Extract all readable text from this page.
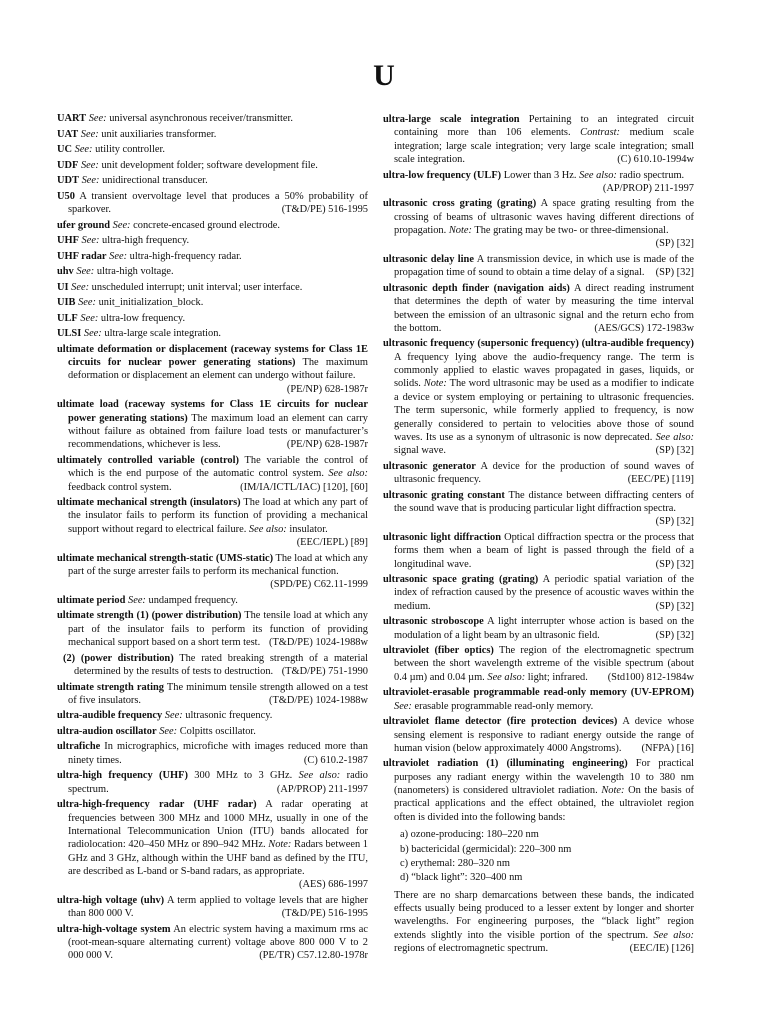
U

UART See: universal asynchronous receiver/transmitter.

UAT See: unit auxiliaries transformer.

UC See: utility controller.

UDF See: unit development folder; software development file.

UDT See: unidirectional transducer.

U50 A transient overvoltage level that produces a 50% probability of sparkover.	(T&D/PE) 516-1995

ufer ground See: concrete-encased ground electrode.

UHF See: ultra-high frequency.

UHF radar See: ultra-high-frequency radar.

uhv See: ultra-high voltage.

UI See: unscheduled interrupt; unit interval; user interface.

UIB See: unit_initialization_block.

ULF See: ultra-low frequency.

ULSI See: ultra-large scale integration.

ultimate deformation or displacement (raceway systems for Class 1E circuits for nuclear power generating stations) The maximum deformation or displacement an element can undergo without failure.
(PE/NP) 628-1987r

ultimate load (raceway systems for Class 1E circuits for nuclear power generating stations) The maximum load an element can carry without failure as obtained from failure load tests or manufacturer’s recommendations, whichever is less.	(PE/NP) 628-1987r

ultimately controlled variable (control) The variable the control of which is the end purpose of the automatic control system. See also: feedback control system.	(IM/IA/ICTL/IAC) [120], [60]

ultimate mechanical strength (insulators) The load at which any part of the insulator fails to perform its function of providing a mechanical support without regard to electrical failure. See also: insulator.
(EEC/IEPL) [89]

ultimate mechanical strength-static (UMS-static) The load at which any part of the surge arrester fails to perform its mechanical function.
(SPD/PE) C62.11-1999

ultimate period See: undamped frequency.

ultimate strength (1) (power distribution) The tensile load at which any part of the insulator fails to perform its function of providing mechanical support based on a short term test. (T&D/PE) 1024-1988w

(2) (power distribution) The rated breaking strength of a material determined by the results of tests to destruction. (T&D/PE) 751-1990

ultimate strength rating The minimum tensile strength allowed on a test of five insulators.	(T&D/PE) 1024-1988w

ultra-audible frequency See: ultrasonic frequency.

ultra-audion oscillator See: Colpitts oscillator.

ultrafiche In micrographics, microfiche with images reduced more than ninety times.	(C) 610.2-1987

ultra-high frequency (UHF) 300 MHz to 3 GHz. See also: radio spectrum.	(AP/PROP) 211-1997

ultra-high-frequency radar (UHF radar) A radar operating at frequencies between 300 MHz and 1000 MHz, usually in one of the International Telecommunication Union (ITU) bands allocated for radiolocation: 420–450 MHz or 890–942 MHz. Note: Radars between 1 GHz and 3 GHz, although within the UHF band as defined by the ITU, are described as L-band or S-band radars, as appropriate.
(AES) 686-1997

ultra-high voltage (uhv) A term applied to voltage levels that are higher than 800 000 V.	(T&D/PE) 516-1995

ultra-high-voltage system An electric system having a maximum rms ac (root-mean-square alternating current) voltage above 800 000 V to 2 000 000 V.	(PE/TR) C57.12.80-1978r

ultra-large scale integration Pertaining to an integrated circuit containing more than 106 elements. Contrast: medium scale integration; large scale integration; very large scale integration; small scale integration.	(C) 610.10-1994w

ultra-low frequency (ULF) Lower than 3 Hz. See also: radio spectrum.
(AP/PROP) 211-1997

ultrasonic cross grating (grating) A space grating resulting from the crossing of beams of ultrasonic waves having different directions of propagation. Note: The grating may be two- or three-dimensional.
(SP) [32]

ultrasonic delay line A transmission device, in which use is made of the propagation time of sound to obtain a time delay of a signal.	(SP) [32]

ultrasonic depth finder (navigation aids) A direct reading instrument that determines the depth of water by measuring the time interval between the emission of an ultrasonic signal and the return echo from the bottom.	(AES/GCS) 172-1983w

ultrasonic frequency (supersonic frequency) (ultra-audible frequency) A frequency lying above the audio-frequency range. The term is commonly applied to elastic waves propagated in gases, liquids, or solids. Note: The word ultrasonic may be used as a modifier to indicate a device or system employing or pertaining to ultrasonic frequencies. The term supersonic, while formerly applied to frequency, is now generally considered to pertain to velocities above those of sound waves. Its use as a synonym of ultrasonic is now deprecated. See also: signal wave.	(SP) [32]

ultrasonic generator A device for the production of sound waves of ultrasonic frequency.	(EEC/PE) [119]

ultrasonic grating constant The distance between diffracting centers of the sound wave that is producing particular light diffraction spectra.
(SP) [32]

ultrasonic light diffraction Optical diffraction spectra or the process that forms them when a beam of light is passed through the field of a longitudinal wave.	(SP) [32]

ultrasonic space grating (grating) A periodic spatial variation of the index of refraction caused by the presence of acoustic waves within the medium.	(SP) [32]

ultrasonic stroboscope A light interrupter whose action is based on the modulation of a light beam by an ultrasonic field.	(SP) [32]

ultraviolet (fiber optics) The region of the electromagnetic spectrum between the short wavelength extreme of the visible spectrum (about 0.4 µm) and 0.04 µm. See also: light; infrared.	(Std100) 812-1984w

ultraviolet-erasable programmable read-only memory (UV-EPROM) See: erasable programmable read-only memory.

ultraviolet flame detector (fire protection devices) A device whose sensing element is responsive to radiant energy outside the range of human vision (below approximately 4000 Angstroms).	(NFPA) [16]

ultraviolet radiation (1) (illuminating engineering) For practical purposes any radiant energy within the wavelength 10 to 380 nm (nanometers) is considered ultraviolet radiation. Note: On the basis of practical applications and the effect obtained, the ultraviolet region often is divided into the following bands:

a) ozone-producing: 180–220 nm
b) bactericidal (germicidal): 220–300 nm
c) erythemal: 280–320 nm
d) “black light”: 320–400 nm

There are no sharp demarcations between these bands, the indicated effects usually being produced to a lesser extent by longer and shorter wavelengths. For engineering purposes, the “black light” region extends slightly into the visible portion of the spectrum. See also: regions of electromagnetic spectrum.	(EEC/IE) [126]
